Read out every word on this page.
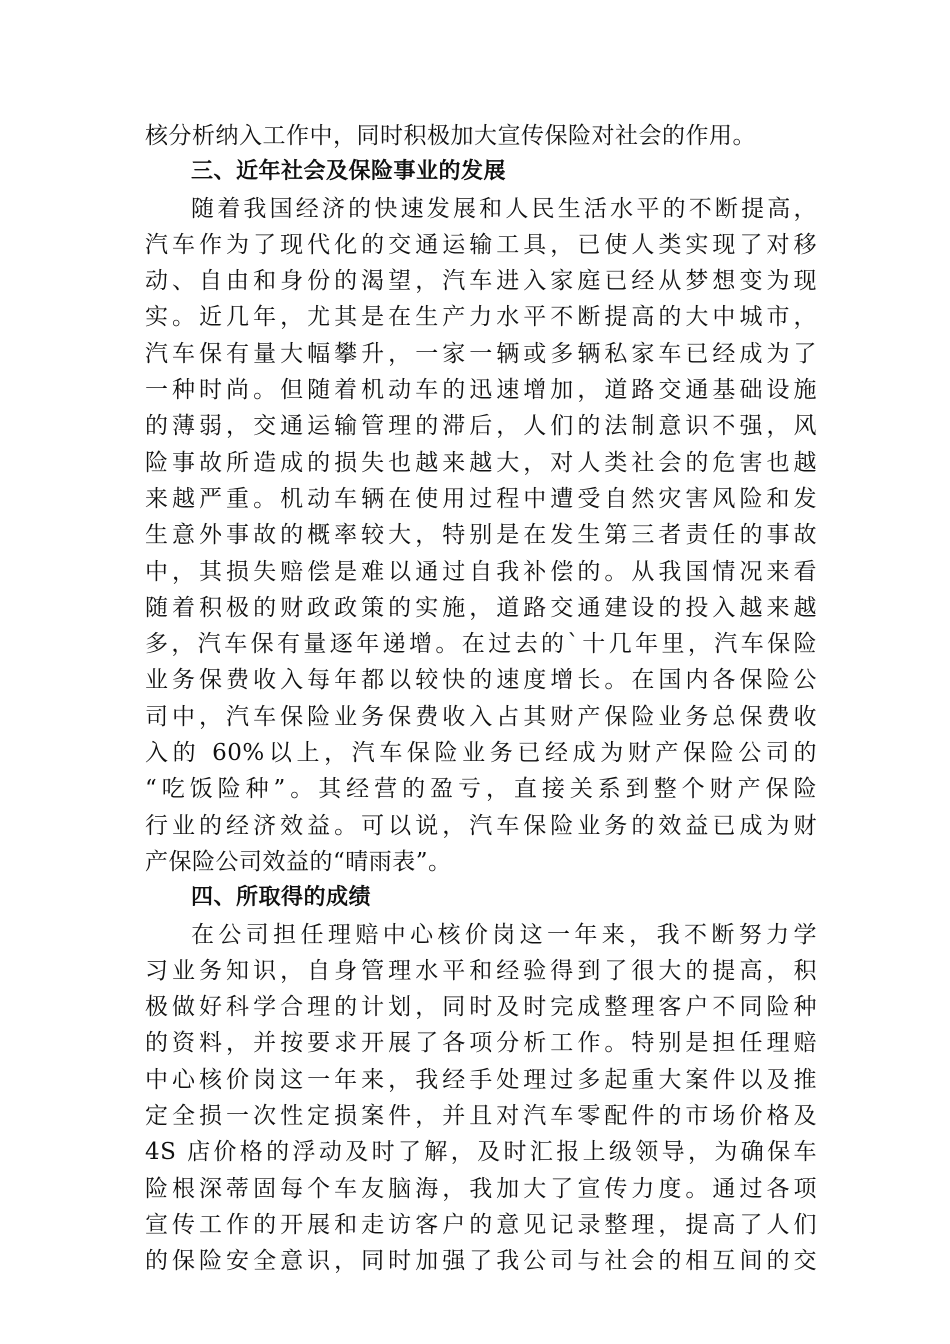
核分析纳入工作中，同时积极加大宣传保险对社会的作用。
三、近年社会及保险事业的发展
随着我国经济的快速发展和人民生活水平的不断提高，
汽车作为了现代化的交通运输工具，已使人类实现了对移
动、自由和身份的渴望，汽车进入家庭已经从梦想变为现
实。近几年，尤其是在生产力水平不断提高的大中城市，
汽车保有量大幅攀升，一家一辆或多辆私家车已经成为了
一种时尚。但随着机动车的迅速增加，道路交通基础设施
的薄弱，交通运输管理的滞后，人们的法制意识不强，风
险事故所造成的损失也越来越大，对人类社会的危害也越
来越严重。机动车辆在使用过程中遭受自然灾害风险和发
生意外事故的概率较大，特别是在发生第三者责任的事故
中，其损失赔偿是难以通过自我补偿的。从我国情况来看
随着积极的财政政策的实施，道路交通建设的投入越来越
多，汽车保有量逐年递增。在过去的`十几年里，汽车保险
业务保费收入每年都以较快的速度增长。在国内各保险公
司中，汽车保险业务保费收入占其财产保险业务总保费收
入的 60%以上，汽车保险业务已经成为财产保险公司的
“吃饭险种”。其经营的盈亏，直接关系到整个财产保险
行业的经济效益。可以说，汽车保险业务的效益已成为财
产保险公司效益的“晴雨表”。
四、所取得的成绩
在公司担任理赔中心核价岗这一年来，我不断努力学
习业务知识，自身管理水平和经验得到了很大的提高，积
极做好科学合理的计划，同时及时完成整理客户不同险种
的资料，并按要求开展了各项分析工作。特别是担任理赔
中心核价岗这一年来，我经手处理过多起重大案件以及推
定全损一次性定损案件，并且对汽车零配件的市场价格及
4S 店价格的浮动及时了解，及时汇报上级领导，为确保车
险根深蒂固每个车友脑海，我加大了宣传力度。通过各项
宣传工作的开展和走访客户的意见记录整理，提高了人们
的保险安全意识，同时加强了我公司与社会的相互间的交
